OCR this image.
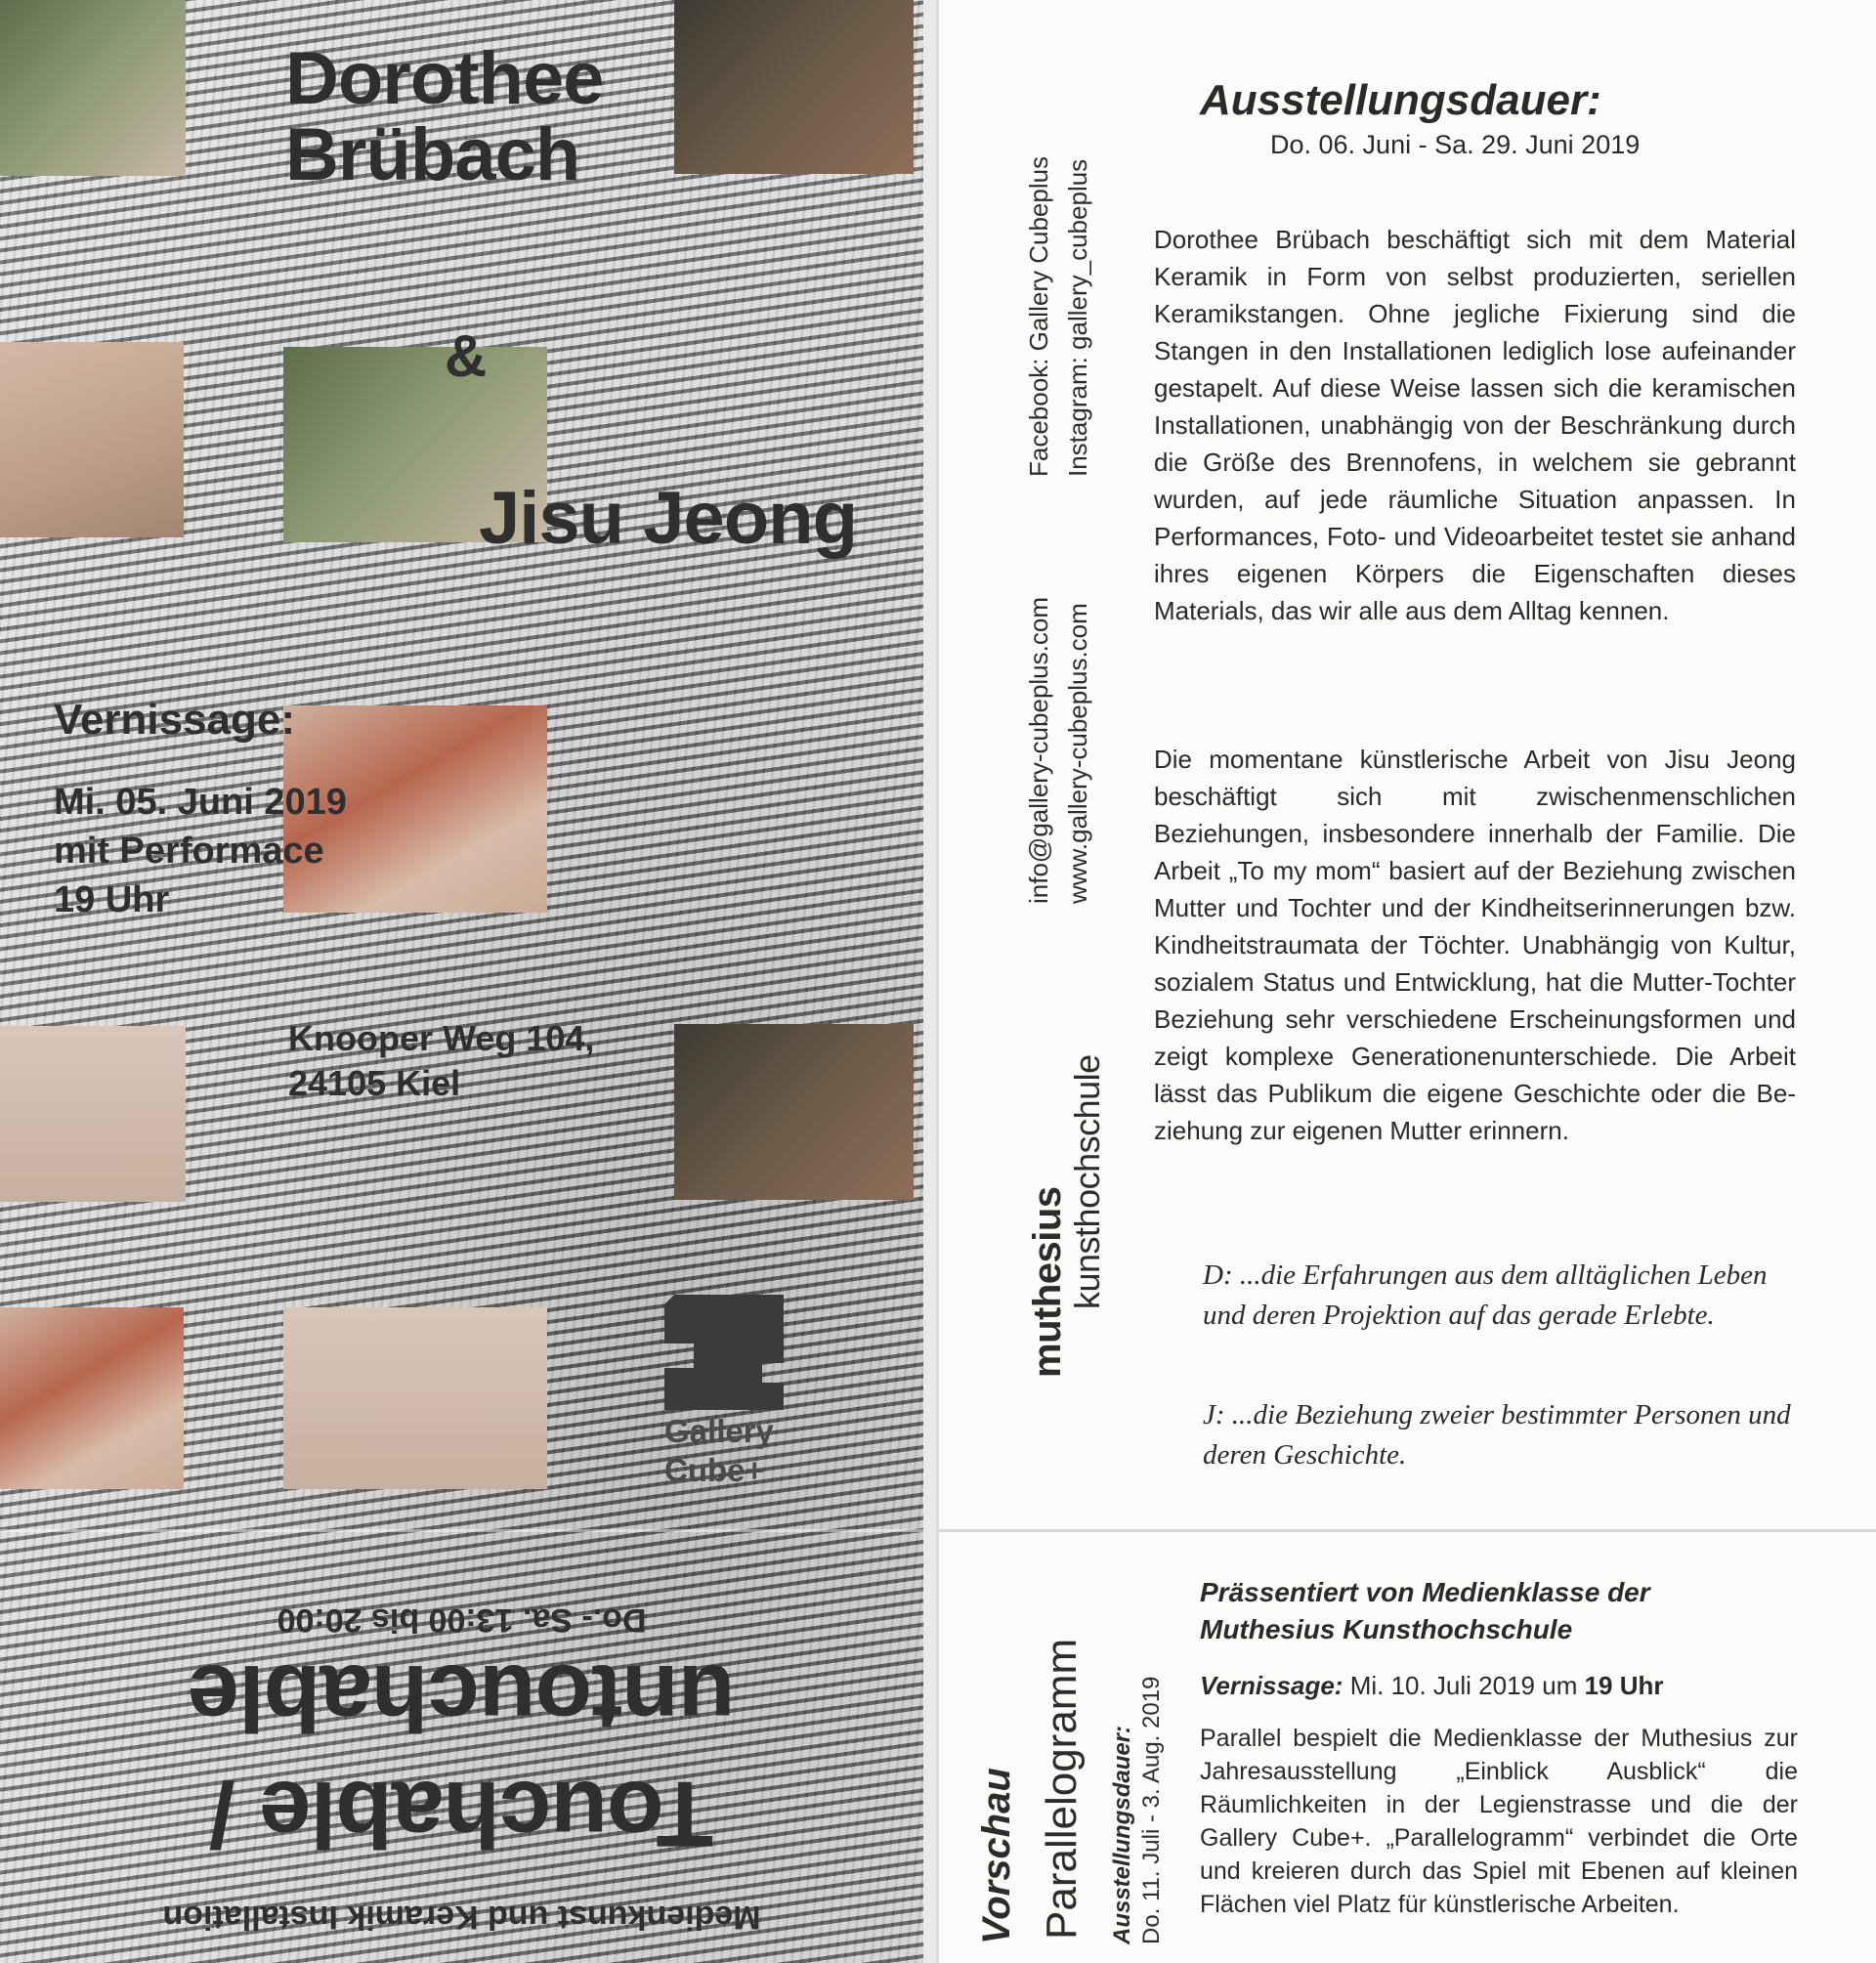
Dorothee
Brübach
&
Jisu Jeong
Vernissage:
Mi. 05. Juni 2019
mit Performace
19 Uhr
Knooper Weg 104,
24105 Kiel
Gallery
Cube+
Do.- Sa. 13:00 bis 20:00
untouchable
Touchable /
Medienkunst und Keramik Installation
Facebook: Gallery Cubeplus Instagram: gallery_cubeplus
info@gallery-cubeplus.com www.gallery-cubeplus.com
muthesius
kunsthochschule
Ausstellungsdauer:
Do. 06. Juni - Sa. 29. Juni 2019
Dorothee Brübach beschäftigt sich mit dem Material Keramik in Form von selbst produzierten, seriellen Keramikstangen. Ohne jegliche Fixierung sind die Stangen in den Installationen lediglich lose aufeinander gestapelt. Auf diese Weise lassen sich die keramischen Installationen, unabhängig von der Beschränkung durch die Größe des Brennofens, in welchem sie gebrannt wurden, auf jede räumliche Situation anpassen. In Performances, Foto- und Videoarbeitet testet sie anhand ihres eigenen Körpers die Eigenschaften dieses Materials, das wir alle aus dem Alltag kennen.
Die momentane künstlerische Arbeit von Jisu Jeong beschäftigt sich mit zwischenmenschlichen Beziehungen, insbesondere innerhalb der Familie. Die Arbeit „To my mom“ basiert auf der Beziehung zwischen Mutter und Tochter und der Kindheitserinnerungen bzw. Kindheitstraumata der Töchter. Unabhängig von Kultur, sozialem Status und Entwicklung, hat die Mutter-Tochter Beziehung sehr verschiedene Erscheinungsformen und zeigt komplexe Generationenunterschiede. Die Arbeit lässt das Publikum die eigene Geschichte oder die Beziehung zur eigenen Mutter erinnern.
D: ...die Erfahrungen aus dem alltäglichen Leben und deren Projektion auf das gerade Erlebte.
J: ...die Beziehung zweier bestimmter Personen und deren Geschichte.
Vorschau Parallelogramm Ausstellungsdauer: Do. 11. Juli - 3. Aug. 2019
Prässentiert von Medienklasse der Muthesius Kunsthochschule
Vernissage: Mi. 10. Juli 2019 um 19 Uhr
Parallel bespielt die Medienklasse der Muthesius zur Jahresausstellung „Einblick Ausblick“ die Räumlichkeiten in der Legienstrasse und die der Gallery Cube+. „Parallelogramm“ verbindet die Orte und kreieren durch das Spiel mit Ebenen auf kleinen Flächen viel Platz für künstlerische Arbeiten.
